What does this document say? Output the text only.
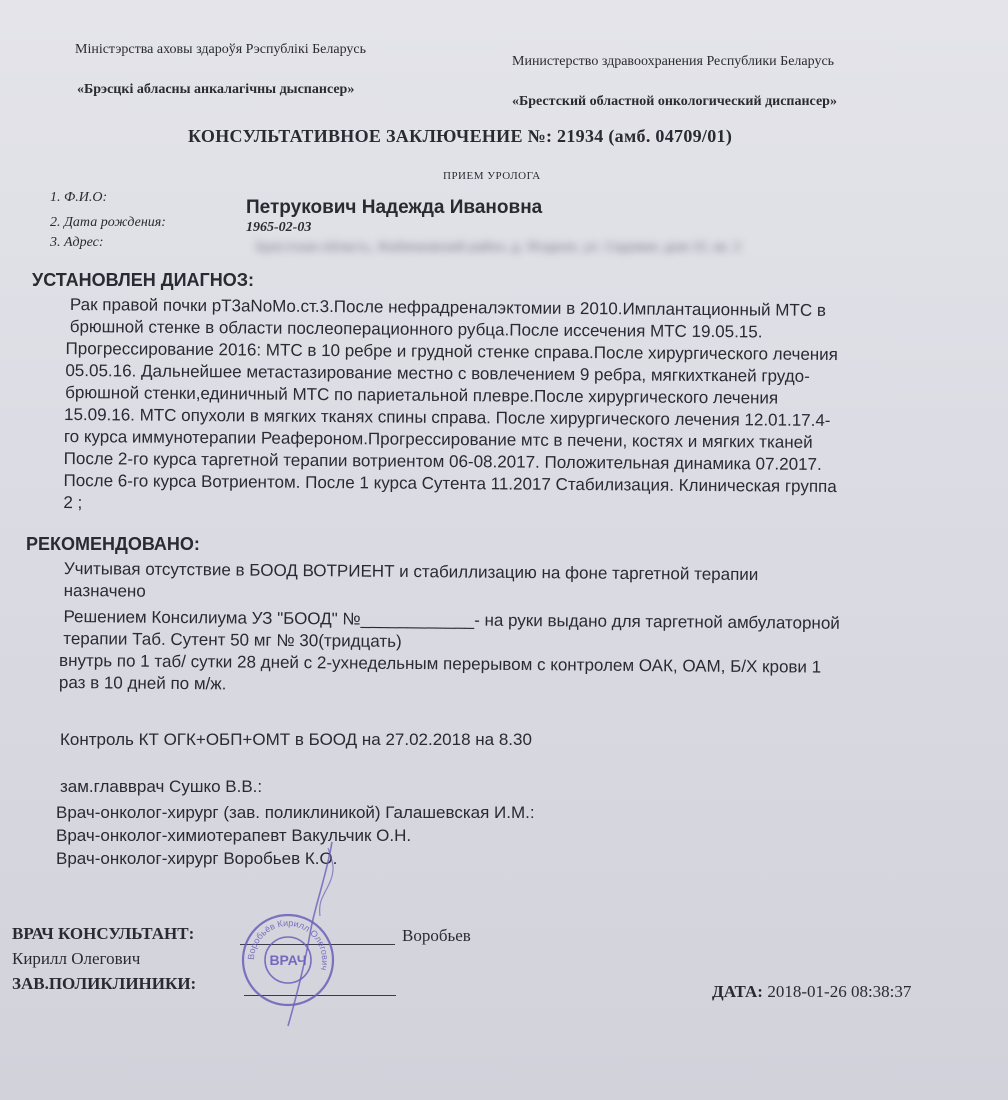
Міністэрства аховы здароўя Рэспублікі Беларусь
«Брэсцкі абласны анкалагічны дыспансер»
Министерство здравоохранения Республики Беларусь
«Брестский областной онкологический диспансер»
КОНСУЛЬТАТИВНОЕ ЗАКЛЮЧЕНИЕ №: 21934 (амб. 04709/01)
ПРИЕМ УРОЛОГА
1. Ф.И.О:	Петрукович Надежда Ивановна
2. Дата рождения:	1965-02-03
3. Адрес:	Брестская область, Жабинковский район, д. Ягодное, ул. Садовая, дом 15, кв. 2
УСТАНОВЛЕН ДИАГНОЗ:
Рак правой почки pT3aNoMo.ст.3.После нефрадреналэктомии в 2010.Имплантационный МТС в
брюшной стенке в области послеоперационного рубца.После иссечения МТС 19.05.15.
Прогрессирование 2016: МТС в 10 ребре и грудной стенке справа.После хирургического лечения
05.05.16. Дальнейшее метастазирование местно с вовлечением 9 ребра, мягкихтканей грудо-
брюшной стенки,единичный МТС по париетальной плевре.После хирургического лечения
15.09.16. МТС опухоли в мягких тканях спины справа. После хирургического лечения 12.01.17.4-
го курса иммунотерапии Реафероном.Прогрессирование мтс в печени, костях и мягких тканей
После 2-го курса таргетной терапии вотриентом 06-08.2017. Положительная динамика 07.2017.
После 6-го курса Вотриентом. После 1 курса Сутента 11.2017 Стабилизация. Клиническая группа
2 ;
РЕКОМЕНДОВАНО:
Учитывая отсутствие в БООД ВОТРИЕНТ и стабиллизацию на фоне таргетной терапии
назначено
Решением Консилиума УЗ "БООД" №____________- на руки выдано для таргетной амбулаторной
терапии Таб. Сутент 50 мг № 30(тридцать)
внутрь по 1 таб/ сутки 28 дней с 2-ухнедельным перерывом с контролем ОАК, ОАМ, Б/Х крови 1
раз в 10 дней по м/ж.
Контроль КТ ОГК+ОБП+ОМТ в БООД на 27.02.2018 на 8.30
зам.главврач Сушко В.В.:
Врач-онколог-хирург (зав. поликлиникой) Галашевская И.М.:
Врач-онколог-химиотерапевт Вакульчик О.Н.
Врач-онколог-хирург Воробьев К.О.
ВРАЧ КОНСУЛЬТАНТ:	Воробьев
Кирилл Олегович
ЗАВ.ПОЛИКЛИНИКИ:	ДАТА: 2018-01-26 08:38:37
Воробьёв Кирилл Олегович
ВРАЧ
